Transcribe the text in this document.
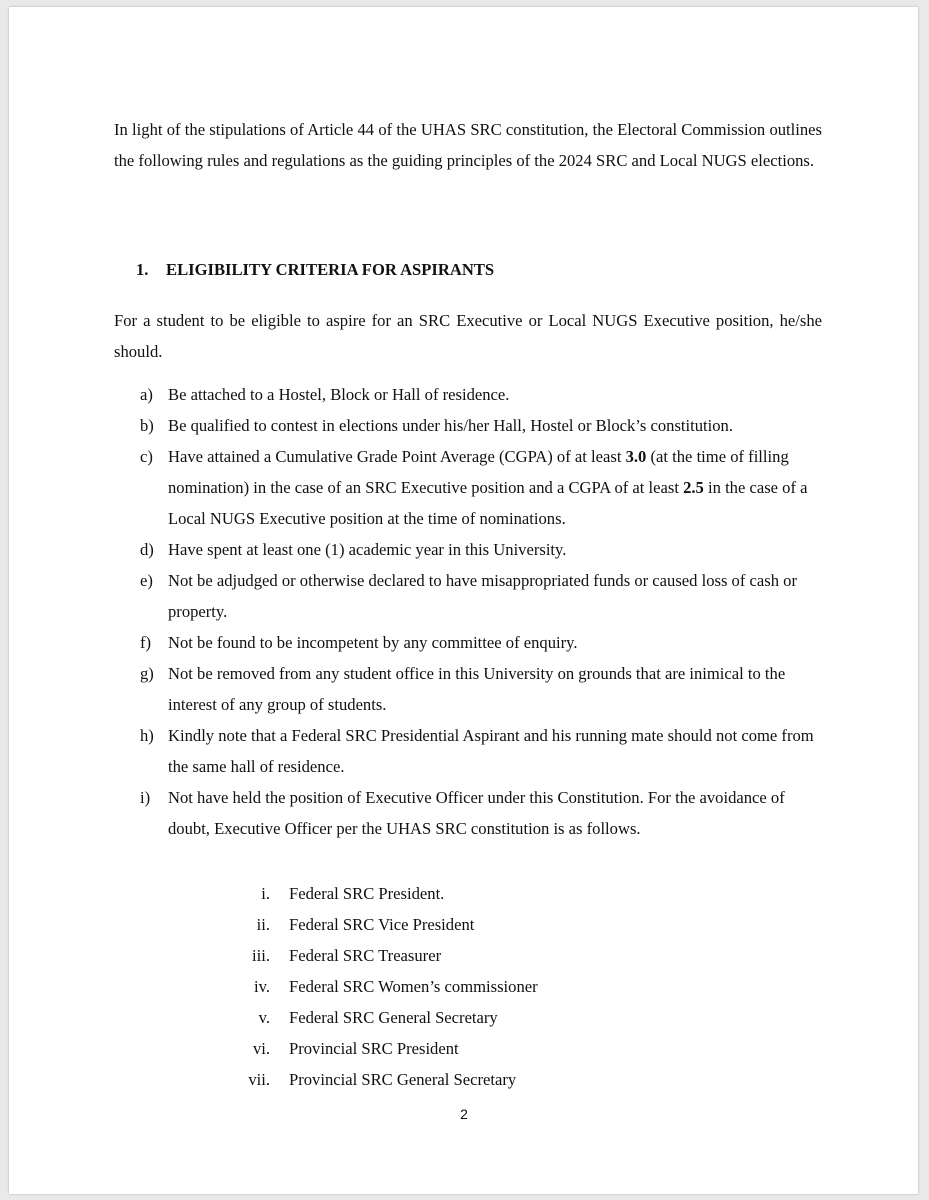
In light of the stipulations of Article 44 of the UHAS SRC constitution, the Electoral Commission outlines the following rules and regulations as the guiding principles of the 2024 SRC and Local NUGS elections.

1. ELIGIBILITY CRITERIA FOR ASPIRANTS

For a student to be eligible to aspire for an SRC Executive or Local NUGS Executive position, he/she should.

a) Be attached to a Hostel, Block or Hall of residence.
b) Be qualified to contest in elections under his/her Hall, Hostel or Block’s constitution.
c) Have attained a Cumulative Grade Point Average (CGPA) of at least 3.0 (at the time of filling nomination) in the case of an SRC Executive position and a CGPA of at least 2.5 in the case of a Local NUGS Executive position at the time of nominations.
d) Have spent at least one (1) academic year in this University.
e) Not be adjudged or otherwise declared to have misappropriated funds or caused loss of cash or property.
f) Not be found to be incompetent by any committee of enquiry.
g) Not be removed from any student office in this University on grounds that are inimical to the interest of any group of students.
h) Kindly note that a Federal SRC Presidential Aspirant and his running mate should not come from the same hall of residence.
i) Not have held the position of Executive Officer under this Constitution. For the avoidance of doubt, Executive Officer per the UHAS SRC constitution is as follows.
i. Federal SRC President.
ii. Federal SRC Vice President
iii. Federal SRC Treasurer
iv. Federal SRC Women’s commissioner
v. Federal SRC General Secretary
vi. Provincial SRC President
vii. Provincial SRC General Secretary
2
